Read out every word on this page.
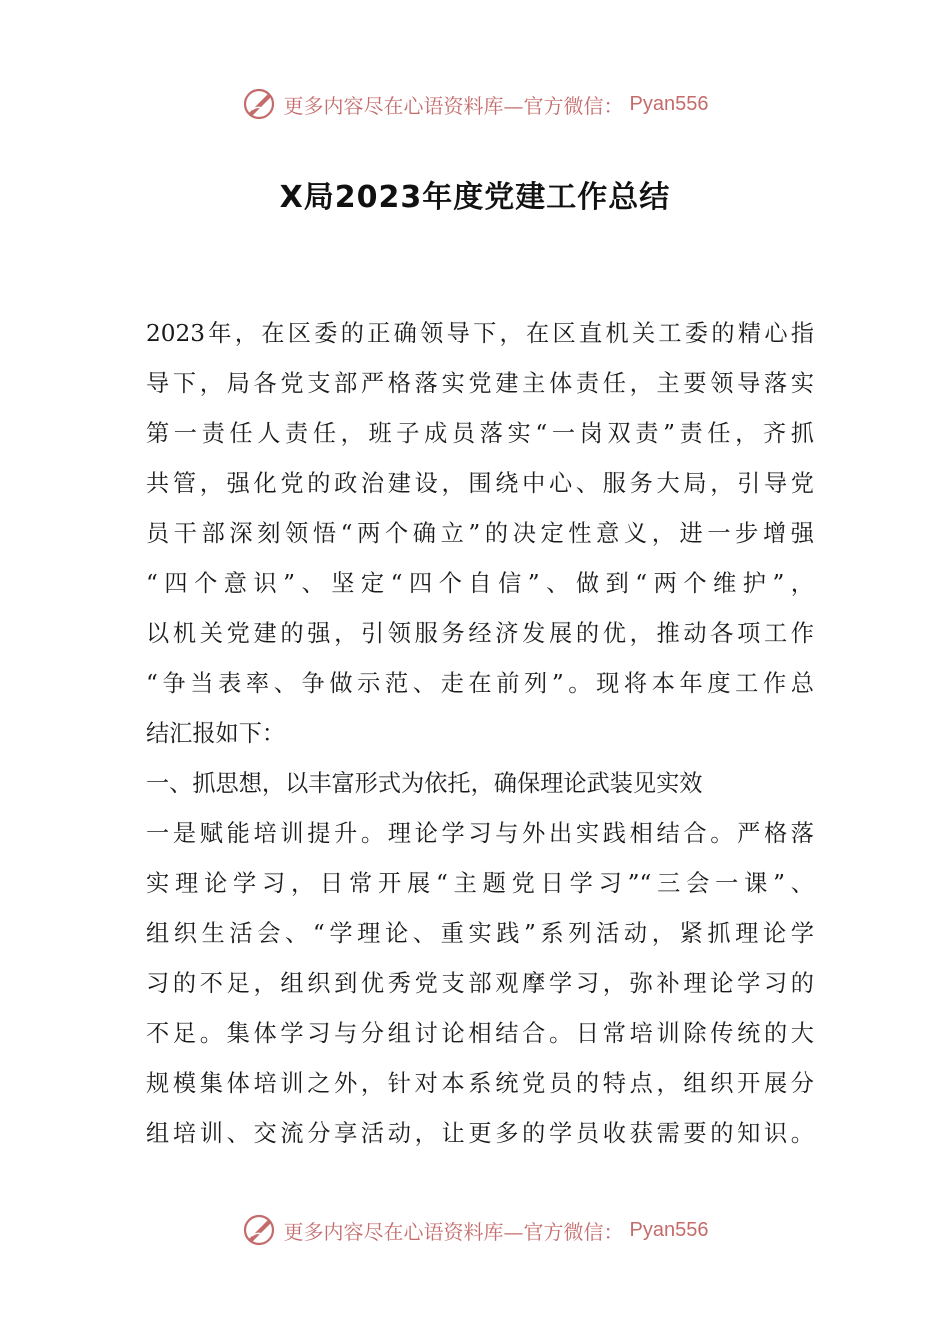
更多内容尽在心语资料库—官方微信： Pyan556
X局2023年度党建工作总结
2023年，在区委的正确领导下，在区直机关工委的精心指
导下，局各党支部严格落实党建主体责任，主要领导落实
第一责任人责任，班子成员落实“一岗双责”责任，齐抓
共管，强化党的政治建设，围绕中心、服务大局，引导党
员干部深刻领悟“两个确立”的决定性意义，进一步增强
“四个意识”、坚定“四个自信”、做到“两个维护”，
以机关党建的强，引领服务经济发展的优，推动各项工作
“争当表率、争做示范、走在前列”。现将本年度工作总
结汇报如下：
一、抓思想，以丰富形式为依托，确保理论武装见实效
一是赋能培训提升。理论学习与外出实践相结合。严格落
实理论学习，日常开展“主题党日学习”“三会一课”、
组织生活会、“学理论、重实践”系列活动，紧抓理论学
习的不足，组织到优秀党支部观摩学习，弥补理论学习的
不足。集体学习与分组讨论相结合。日常培训除传统的大
规模集体培训之外，针对本系统党员的特点，组织开展分
组培训、交流分享活动，让更多的学员收获需要的知识。
更多内容尽在心语资料库—官方微信： Pyan556
